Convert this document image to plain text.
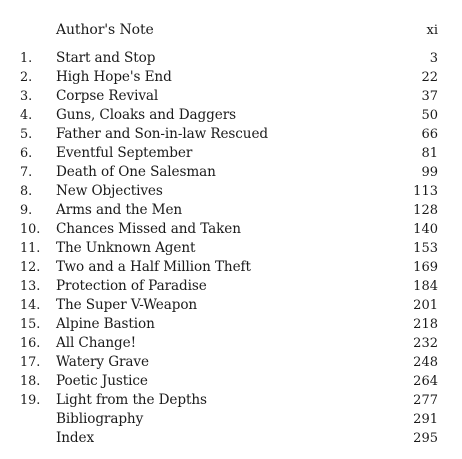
Author's Note	xi
1.	Start and Stop	3
2.	High Hope's End	22
3.	Corpse Revival	37
4.	Guns, Cloaks and Daggers	50
5.	Father and Son-in-law Rescued	66
6.	Eventful September	81
7.	Death of One Salesman	99
8.	New Objectives	113
9.	Arms and the Men	128
10.	Chances Missed and Taken	140
11.	The Unknown Agent	153
12.	Two and a Half Million Theft	169
13.	Protection of Paradise	184
14.	The Super V-Weapon	201
15.	Alpine Bastion	218
16.	All Change!	232
17.	Watery Grave	248
18.	Poetic Justice	264
19.	Light from the Depths	277
Bibliography	291
Index	295
